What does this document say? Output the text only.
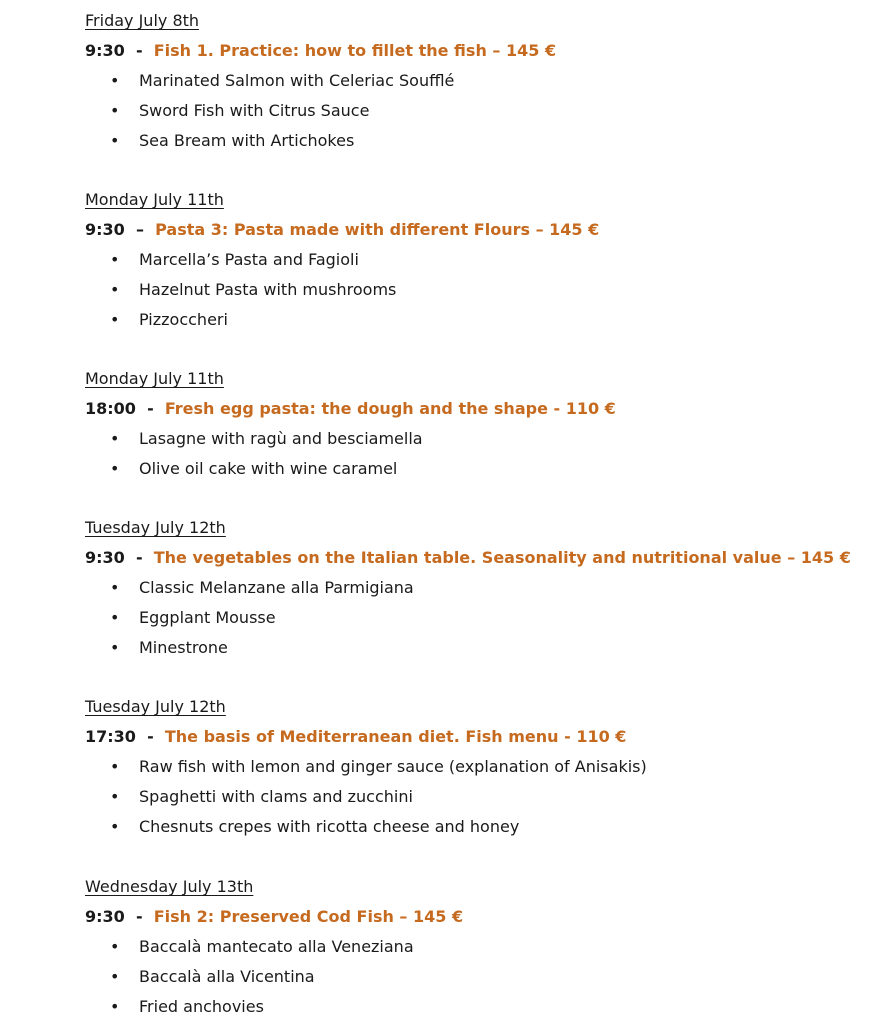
Friday July 8th
9:30  -  Fish 1. Practice: how to fillet the fish – 145 €
• Marinated Salmon with Celeriac Soufflé
• Sword Fish with Citrus Sauce
• Sea Bream with Artichokes
Monday July 11th
9:30  –  Pasta 3: Pasta made with different Flours – 145 €
• Marcella’s Pasta and Fagioli
• Hazelnut Pasta with mushrooms
• Pizzoccheri
Monday July 11th
18:00  -  Fresh egg pasta: the dough and the shape - 110 €
• Lasagne with ragù and besciamella
• Olive oil cake with wine caramel
Tuesday July 12th
9:30  -  The vegetables on the Italian table. Seasonality and nutritional value – 145 €
• Classic Melanzane alla Parmigiana
• Eggplant Mousse
• Minestrone
Tuesday July 12th
17:30  -  The basis of Mediterranean diet. Fish menu - 110 €
• Raw fish with lemon and ginger sauce (explanation of Anisakis)
• Spaghetti with clams and zucchini
• Chesnuts crepes with ricotta cheese and honey
Wednesday July 13th
9:30  -  Fish 2: Preserved Cod Fish – 145 €
• Baccalà mantecato alla Veneziana
• Baccalà alla Vicentina
• Fried anchovies
